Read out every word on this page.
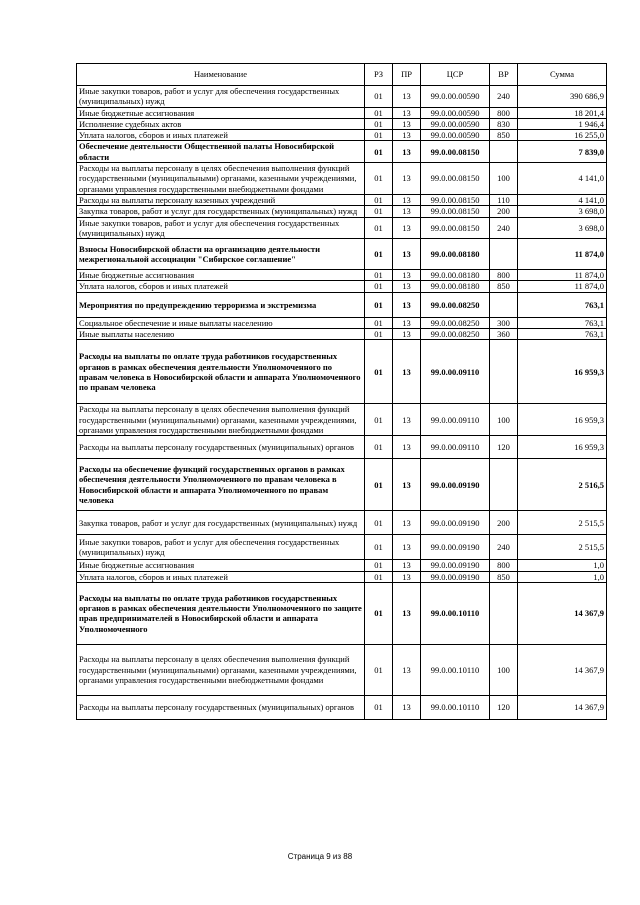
Наименование	РЗ	ПР	ЦСР	ВР	Сумма
Иные закупки товаров, работ и услуг для обеспечения государственных (муниципальных) нужд	01	13	99.0.00.00590	240	390 686,9
Иные бюджетные ассигнования	01	13	99.0.00.00590	800	18 201,4
Исполнение судебных актов	01	13	99.0.00.00590	830	1 946,4
Уплата налогов, сборов и иных платежей	01	13	99.0.00.00590	850	16 255,0
Обеспечение деятельности Общественной палаты Новосибирской области	01	13	99.0.00.08150		7 839,0
Расходы на выплаты персоналу в целях обеспечения выполнения функций государственными (муниципальными) органами, казенными учреждениями, органами управления государственными внебюджетными фондами	01	13	99.0.00.08150	100	4 141,0
Расходы на выплаты персоналу казенных учреждений	01	13	99.0.00.08150	110	4 141,0
Закупка товаров, работ и услуг для государственных (муниципальных) нужд	01	13	99.0.00.08150	200	3 698,0
Иные закупки товаров, работ и услуг для обеспечения государственных (муниципальных) нужд	01	13	99.0.00.08150	240	3 698,0
Взносы Новосибирской области на организацию деятельности межрегиональной ассоциации "Сибирское соглашение"	01	13	99.0.00.08180		11 874,0
Иные бюджетные ассигнования	01	13	99.0.00.08180	800	11 874,0
Уплата налогов, сборов и иных платежей	01	13	99.0.00.08180	850	11 874,0
Мероприятия по предупреждению терроризма и экстремизма	01	13	99.0.00.08250		763,1
Социальное обеспечение и иные выплаты населению	01	13	99.0.00.08250	300	763,1
Иные выплаты населению	01	13	99.0.00.08250	360	763,1
Расходы на выплаты по оплате труда работников государственных органов в рамках обеспечения деятельности Уполномоченного по правам человека в Новосибирской области и аппарата Уполномоченного по правам человека	01	13	99.0.00.09110		16 959,3
Расходы на выплаты персоналу в целях обеспечения выполнения функций государственными (муниципальными) органами, казенными учреждениями, органами управления государственными внебюджетными фондами	01	13	99.0.00.09110	100	16 959,3
Расходы на выплаты персоналу государственных (муниципальных) органов	01	13	99.0.00.09110	120	16 959,3
Расходы на обеспечение функций государственных органов в рамках обеспечения деятельности Уполномоченного по правам человека в Новосибирской области и аппарата Уполномоченного по правам человека	01	13	99.0.00.09190		2 516,5
Закупка товаров, работ и услуг для государственных (муниципальных) нужд	01	13	99.0.00.09190	200	2 515,5
Иные закупки товаров, работ и услуг для обеспечения государственных (муниципальных) нужд	01	13	99.0.00.09190	240	2 515,5
Иные бюджетные ассигнования	01	13	99.0.00.09190	800	1,0
Уплата налогов, сборов и иных платежей	01	13	99.0.00.09190	850	1,0
Расходы на выплаты по оплате труда работников государственных органов в рамках обеспечения деятельности Уполномоченного по защите прав предпринимателей в Новосибирской области и аппарата Уполномоченного	01	13	99.0.00.10110		14 367,9
Расходы на выплаты персоналу в целях обеспечения выполнения функций государственными (муниципальными) органами, казенными учреждениями, органами управления государственными внебюджетными фондами	01	13	99.0.00.10110	100	14 367,9
Расходы на выплаты персоналу государственных (муниципальных) органов	01	13	99.0.00.10110	120	14 367,9
Страница 9 из 88
